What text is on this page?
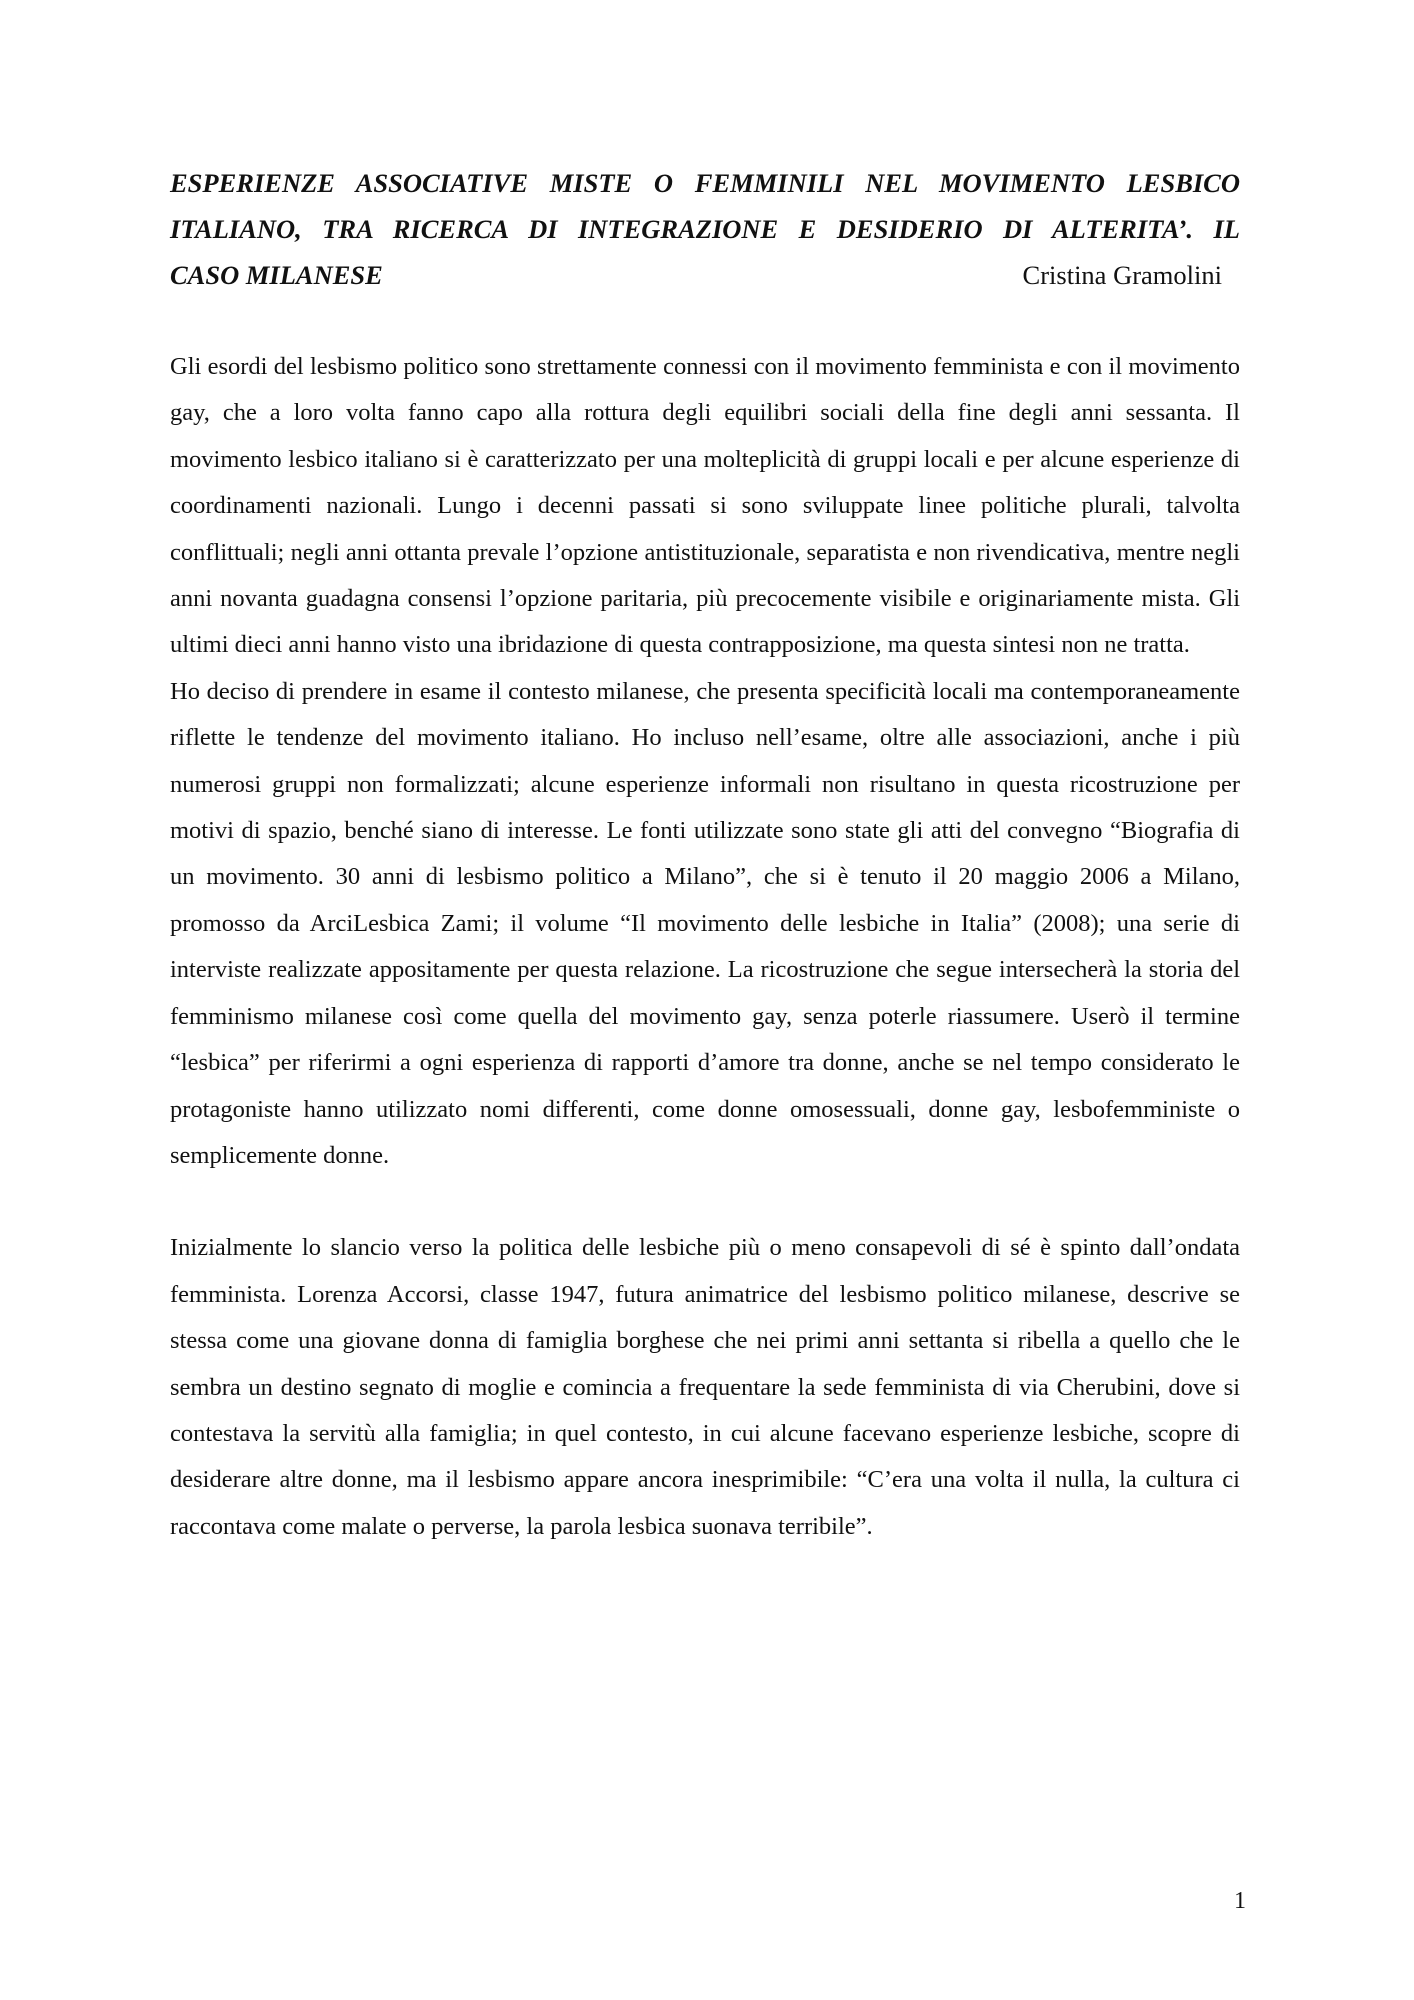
ESPERIENZE ASSOCIATIVE MISTE O FEMMINILI NEL MOVIMENTO LESBICO
ITALIANO, TRA RICERCA DI INTEGRAZIONE E DESIDERIO DI ALTERITA’. IL
CASO MILANESE	Cristina Gramolini

Gli esordi del lesbismo politico sono strettamente connessi con il movimento femminista e con il movimento gay, che a loro volta fanno capo alla rottura degli equilibri sociali della fine degli anni sessanta. Il movimento lesbico italiano si è caratterizzato per una molteplicità di gruppi locali e per alcune esperienze di coordinamenti nazionali. Lungo i decenni passati si sono sviluppate linee politiche plurali, talvolta conflittuali; negli anni ottanta prevale l’opzione antistituzionale, separatista e non rivendicativa, mentre negli anni novanta guadagna consensi l’opzione paritaria, più precocemente visibile e originariamente mista. Gli ultimi dieci anni hanno visto una ibridazione di questa contrapposizione, ma questa sintesi non ne tratta.

Ho deciso di prendere in esame il contesto milanese, che presenta specificità locali ma contemporaneamente riflette le tendenze del movimento italiano. Ho incluso nell’esame, oltre alle associazioni, anche i più numerosi gruppi non formalizzati; alcune esperienze informali non risultano in questa ricostruzione per motivi di spazio, benché siano di interesse. Le fonti utilizzate sono state gli atti del convegno “Biografia di un movimento. 30 anni di lesbismo politico a Milano”, che si è tenuto il 20 maggio 2006 a Milano, promosso da ArciLesbica Zami; il volume “Il movimento delle lesbiche in Italia” (2008); una serie di interviste realizzate appositamente per questa relazione. La ricostruzione che segue intersecherà la storia del femminismo milanese così come quella del movimento gay, senza poterle riassumere. Userò il termine “lesbica” per riferirmi a ogni esperienza di rapporti d’amore tra donne, anche se nel tempo considerato le protagoniste hanno utilizzato nomi differenti, come donne omosessuali, donne gay, lesbofemministe o semplicemente donne.

Inizialmente lo slancio verso la politica delle lesbiche più o meno consapevoli di sé è spinto dall’ondata femminista. Lorenza Accorsi, classe 1947, futura animatrice del lesbismo politico milanese, descrive se stessa come una giovane donna di famiglia borghese che nei primi anni settanta si ribella a quello che le sembra un destino segnato di moglie e comincia a frequentare la sede femminista di via Cherubini, dove si contestava la servitù alla famiglia; in quel contesto, in cui alcune facevano esperienze lesbiche, scopre di desiderare altre donne, ma il lesbismo appare ancora inesprimibile: “C’era una volta il nulla, la cultura ci raccontava come malate o perverse, la parola lesbica suonava terribile”.

1
